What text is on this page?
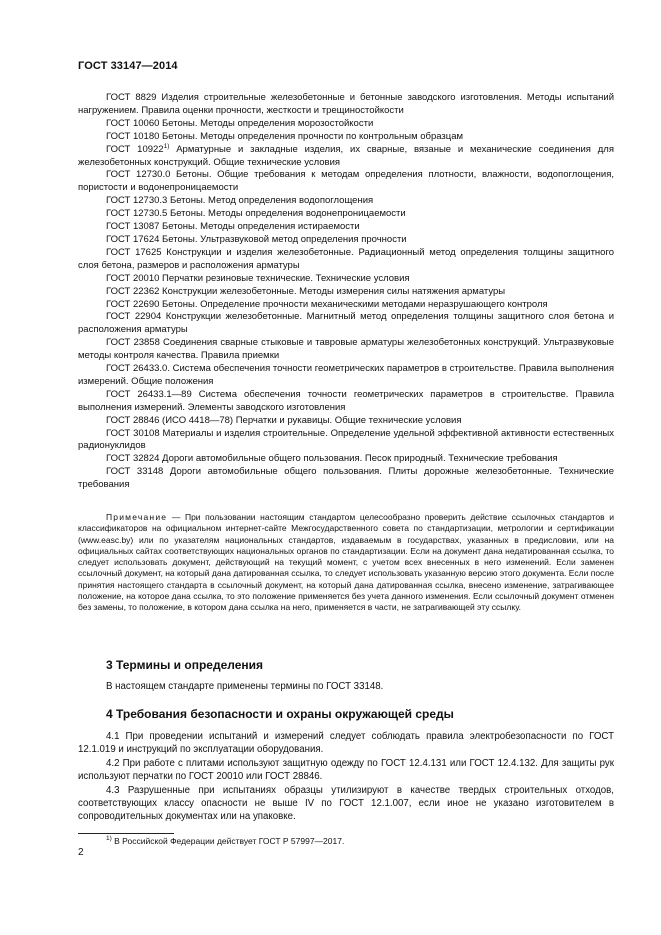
ГОСТ 33147—2014

ГОСТ 8829 Изделия строительные железобетонные и бетонные заводского изготовления. Методы испытаний нагружением. Правила оценки прочности, жесткости и трещиностойкости

ГОСТ 10060 Бетоны. Методы определения морозостойкости

ГОСТ 10180 Бетоны. Методы определения прочности по контрольным образцам

ГОСТ 10922$^{1)}$ Арматурные и закладные изделия, их сварные, вязаные и механические соединения для железобетонных конструкций. Общие технические условия

ГОСТ 12730.0 Бетоны. Общие требования к методам определения плотности, влажности, водопоглощения, пористости и водонепроницаемости

ГОСТ 12730.3 Бетоны. Метод определения водопоглощения

ГОСТ 12730.5 Бетоны. Методы определения водонепроницаемости

ГОСТ 13087 Бетоны. Методы определения истираемости

ГОСТ 17624 Бетоны. Ультразвуковой метод определения прочности

ГОСТ 17625 Конструкции и изделия железобетонные. Радиационный метод определения толщины защитного слоя бетона, размеров и расположения арматуры

ГОСТ 20010 Перчатки резиновые технические. Технические условия

ГОСТ 22362 Конструкции железобетонные. Методы измерения силы натяжения арматуры

ГОСТ 22690 Бетоны. Определение прочности механическими методами неразрушающего контроля

ГОСТ 22904 Конструкции железобетонные. Магнитный метод определения толщины защитного слоя бетона и расположения арматуры

ГОСТ 23858 Соединения сварные стыковые и тавровые арматуры железобетонных конструкций. Ультразвуковые методы контроля качества. Правила приемки

ГОСТ 26433.0. Система обеспечения точности геометрических параметров в строительстве. Правила выполнения измерений. Общие положения

ГОСТ 26433.1—89 Система обеспечения точности геометрических параметров в строительстве. Правила выполнения измерений. Элементы заводского изготовления

ГОСТ 28846 (ИСО 4418—78) Перчатки и рукавицы. Общие технические условия

ГОСТ 30108 Материалы и изделия строительные. Определение удельной эффективной активности естественных радионуклидов

ГОСТ 32824 Дороги автомобильные общего пользования. Песок природный. Технические требования

ГОСТ 33148 Дороги автомобильные общего пользования. Плиты дорожные железобетонные. Технические требования

Примечание — При пользовании настоящим стандартом целесообразно проверить действие ссылочных стандартов и классификаторов на официальном интернет-сайте Межгосударственного совета по стандартизации, метрологии и сертификации (www.easc.by) или по указателям национальных стандартов, издаваемым в государствах, указанных в предисловии, или на официальных сайтах соответствующих национальных органов по стандартизации. Если на документ дана недатированная ссылка, то следует использовать документ, действующий на текущий момент, с учетом всех внесенных в него изменений. Если заменен ссылочный документ, на который дана датированная ссылка, то следует использовать указанную версию этого документа. Если после принятия настоящего стандарта в ссылочный документ, на который дана датированная ссылка, внесено изменение, затрагивающее положение, на которое дана ссылка, то это положение применяется без учета данного изменения. Если ссылочный документ отменен без замены, то положение, в котором дана ссылка на него, применяется в части, не затрагивающей эту ссылку.

3 Термины и определения

В настоящем стандарте применены термины по ГОСТ 33148.

4 Требования безопасности и охраны окружающей среды

4.1 При проведении испытаний и измерений следует соблюдать правила электробезопасности по ГОСТ 12.1.019 и инструкций по эксплуатации оборудования.

4.2 При работе с плитами используют защитную одежду по ГОСТ 12.4.131 или ГОСТ 12.4.132. Для защиты рук используют перчатки по ГОСТ 20010 или ГОСТ 28846.

4.3 Разрушенные при испытаниях образцы утилизируют в качестве твердых строительных отходов, соответствующих классу опасности не выше IV по ГОСТ 12.1.007, если иное не указано изготовителем в сопроводительных документах или на упаковке.

$^{1)}$ В Российской Федерации действует ГОСТ Р 57997—2017.

2
